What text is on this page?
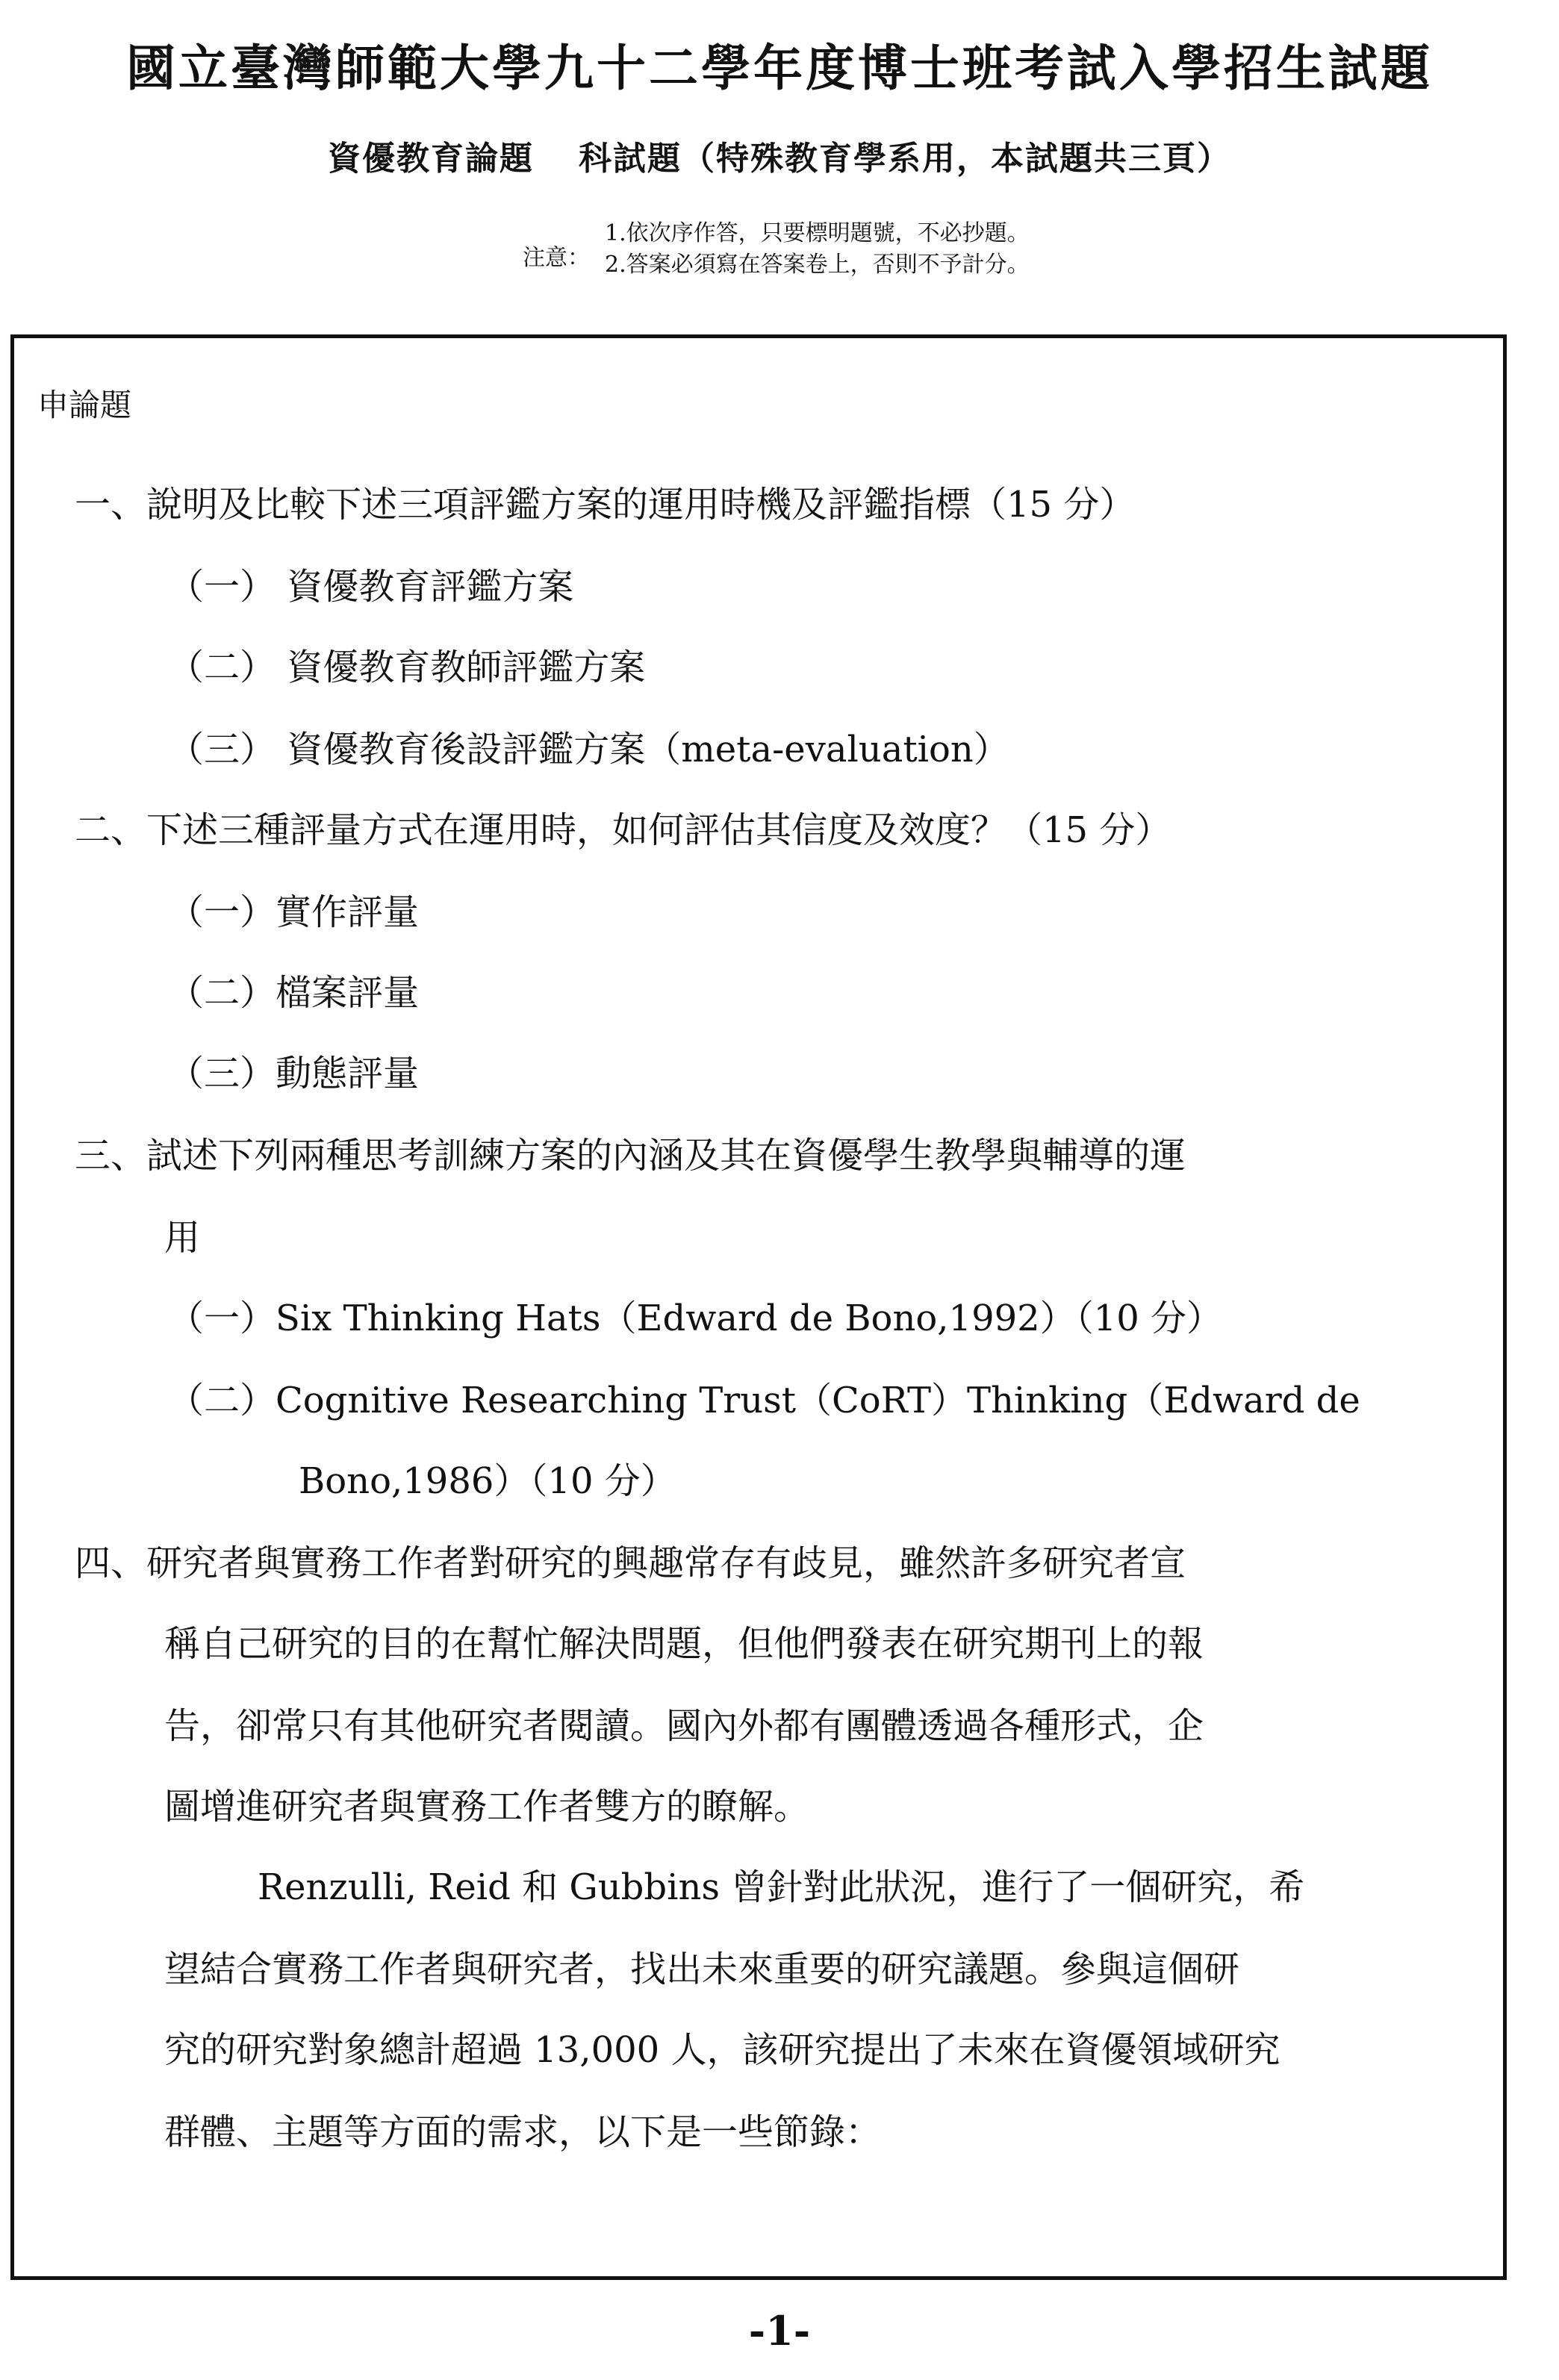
國立臺灣師範大學九十二學年度博士班考試入學招生試題
資優教育論題 科試題（特殊教育學系用，本試題共三頁）
注意：
1.依次序作答，只要標明題號，不必抄題。
2.答案必須寫在答案卷上，否則不予計分。
申論題
一、說明及比較下述三項評鑑方案的運用時機及評鑑指標（15 分）
（一） 資優教育評鑑方案
（二） 資優教育教師評鑑方案
（三） 資優教育後設評鑑方案（meta-evaluation）
二、下述三種評量方式在運用時，如何評估其信度及效度？（15 分）
（一）實作評量
（二）檔案評量
（三）動態評量
三、試述下列兩種思考訓練方案的內涵及其在資優學生教學與輔導的運
用
（一）Six Thinking Hats（Edward de Bono,1992）（10 分）
（二）Cognitive Researching Trust（CoRT）Thinking（Edward de
Bono,1986）（10 分）
四、研究者與實務工作者對研究的興趣常存有歧見，雖然許多研究者宣
稱自己研究的目的在幫忙解決問題，但他們發表在研究期刊上的報
告，卻常只有其他研究者閱讀。國內外都有團體透過各種形式，企
圖增進研究者與實務工作者雙方的瞭解。
Renzulli, Reid 和 Gubbins 曾針對此狀況，進行了一個研究，希
望結合實務工作者與研究者，找出未來重要的研究議題。參與這個研
究的研究對象總計超過 13,000 人，該研究提出了未來在資優領域研究
群體、主題等方面的需求，以下是一些節錄：
-1-
